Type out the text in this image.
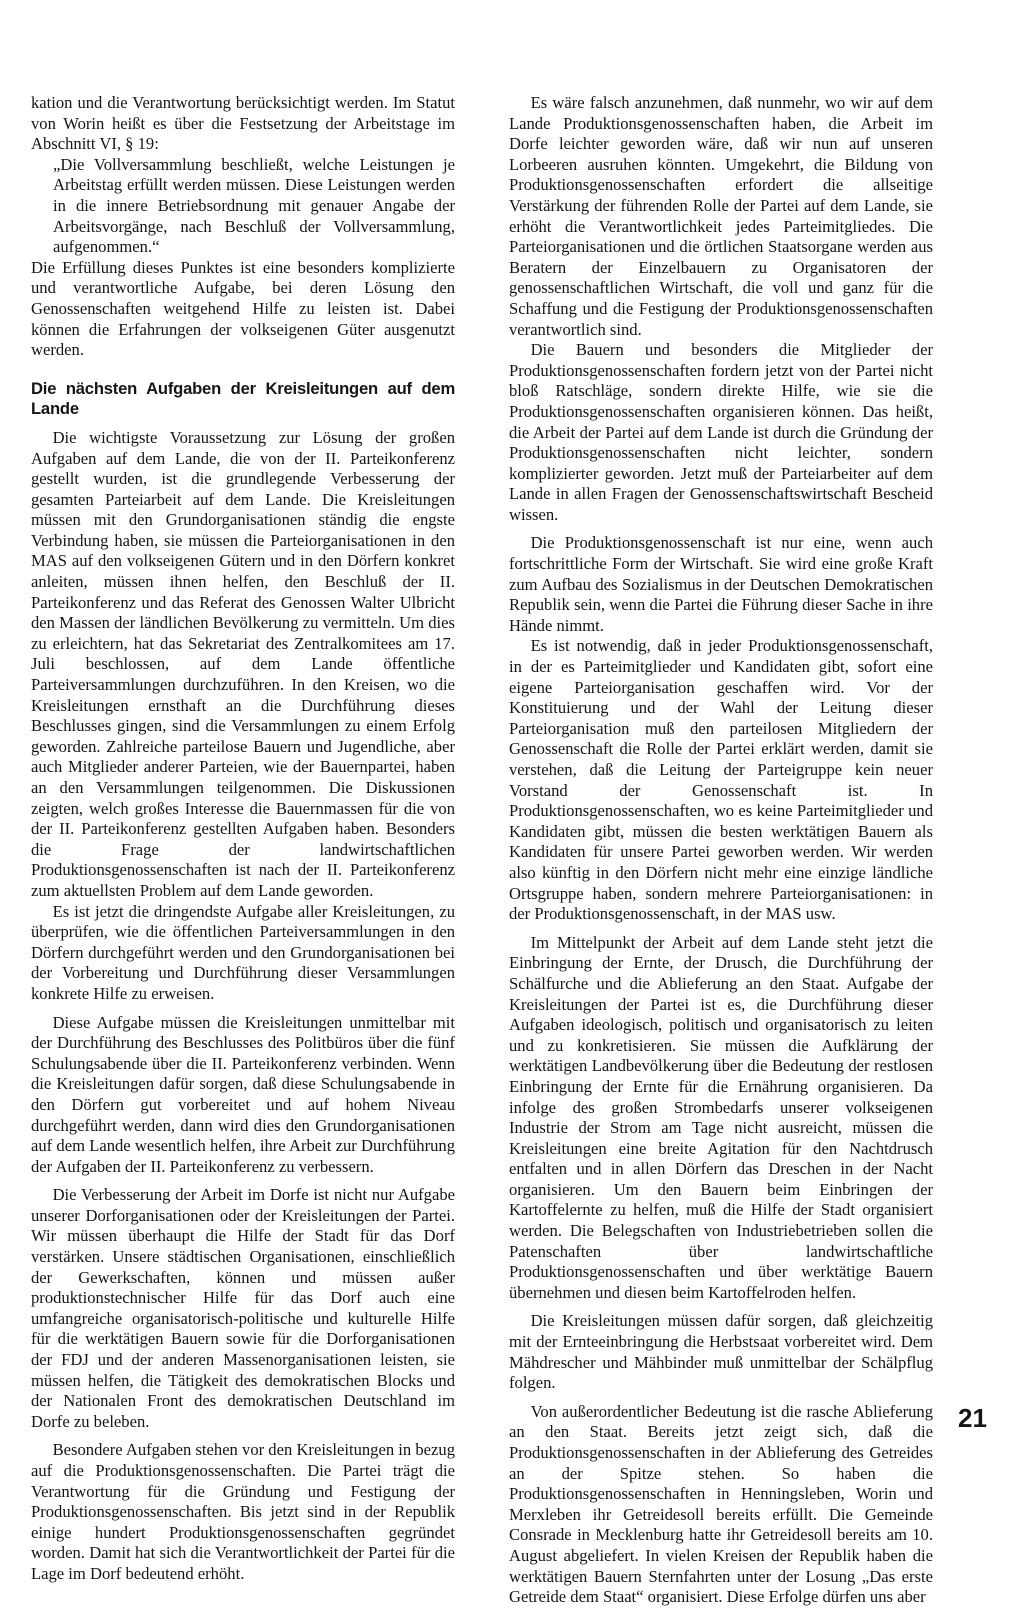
kation und die Verantwortung berücksichtigt werden. Im Statut von Worin heißt es über die Festsetzung der Arbeitstage im Abschnitt VI, § 19:

„Die Vollversammlung beschließt, welche Leistungen je Arbeitstag erfüllt werden müssen. Diese Leistungen werden in die innere Betriebsordnung mit genauer Angabe der Arbeitsvorgänge, nach Beschluß der Vollversammlung, aufgenommen.“

Die Erfüllung dieses Punktes ist eine besonders komplizierte und verantwortliche Aufgabe, bei deren Lösung den Genossenschaften weitgehend Hilfe zu leisten ist. Dabei können die Erfahrungen der volkseigenen Güter ausgenutzt werden.

Die nächsten Aufgaben der Kreisleitungen auf dem Lande

Die wichtigste Voraussetzung zur Lösung der großen Aufgaben auf dem Lande, die von der II. Parteikonferenz gestellt wurden, ist die grundlegende Verbesserung der gesamten Parteiarbeit auf dem Lande. Die Kreisleitungen müssen mit den Grundorganisationen ständig die engste Verbindung haben, sie müssen die Parteiorganisationen in den MAS auf den volkseigenen Gütern und in den Dörfern konkret anleiten, müssen ihnen helfen, den Beschluß der II. Parteikonferenz und das Referat des Genossen Walter Ulbricht den Massen der ländlichen Bevölkerung zu vermitteln. Um dies zu erleichtern, hat das Sekretariat des Zentralkomitees am 17. Juli beschlossen, auf dem Lande öffentliche Parteiversammlungen durchzuführen. In den Kreisen, wo die Kreisleitungen ernsthaft an die Durchführung dieses Beschlusses gingen, sind die Versammlungen zu einem Erfolg geworden. Zahlreiche parteilose Bauern und Jugendliche, aber auch Mitglieder anderer Parteien, wie der Bauernpartei, haben an den Versammlungen teilgenommen. Die Diskussionen zeigten, welch großes Interesse die Bauernmassen für die von der II. Parteikonferenz gestellten Aufgaben haben. Besonders die Frage der landwirtschaftlichen Produktionsgenossenschaften ist nach der II. Parteikonferenz zum aktuellsten Problem auf dem Lande geworden.

Es ist jetzt die dringendste Aufgabe aller Kreisleitungen, zu überprüfen, wie die öffentlichen Parteiversammlungen in den Dörfern durchgeführt werden und den Grundorganisationen bei der Vorbereitung und Durchführung dieser Versammlungen konkrete Hilfe zu erweisen.

Diese Aufgabe müssen die Kreisleitungen unmittelbar mit der Durchführung des Beschlusses des Politbüros über die fünf Schulungsabende über die II. Parteikonferenz verbinden. Wenn die Kreisleitungen dafür sorgen, daß diese Schulungsabende in den Dörfern gut vorbereitet und auf hohem Niveau durchgeführt werden, dann wird dies den Grundorganisationen auf dem Lande wesentlich helfen, ihre Arbeit zur Durchführung der Aufgaben der II. Parteikonferenz zu verbessern.

Die Verbesserung der Arbeit im Dorfe ist nicht nur Aufgabe unserer Dorforganisationen oder der Kreisleitungen der Partei. Wir müssen überhaupt die Hilfe der Stadt für das Dorf verstärken. Unsere städtischen Organisationen, einschließlich der Gewerkschaften, können und müssen außer produktionstechnischer Hilfe für das Dorf auch eine umfangreiche organisatorisch-politische und kulturelle Hilfe für die werktätigen Bauern sowie für die Dorforganisationen der FDJ und der anderen Massenorganisationen leisten, sie müssen helfen, die Tätigkeit des demokratischen Blocks und der Nationalen Front des demokratischen Deutschland im Dorfe zu beleben.

Besondere Aufgaben stehen vor den Kreisleitungen in bezug auf die Produktionsgenossenschaften. Die Partei trägt die Verantwortung für die Gründung und Festigung der Produktionsgenossenschaften. Bis jetzt sind in der Republik einige hundert Produktionsgenossenschaften gegründet worden. Damit hat sich die Verantwortlichkeit der Partei für die Lage im Dorf bedeutend erhöht.

Es wäre falsch anzunehmen, daß nunmehr, wo wir auf dem Lande Produktionsgenossenschaften haben, die Arbeit im Dorfe leichter geworden wäre, daß wir nun auf unseren Lorbeeren ausruhen könnten. Umgekehrt, die Bildung von Produktionsgenossenschaften erfordert die allseitige Verstärkung der führenden Rolle der Partei auf dem Lande, sie erhöht die Verantwortlichkeit jedes Parteimitgliedes. Die Parteiorganisationen und die örtlichen Staatsorgane werden aus Beratern der Einzelbauern zu Organisatoren der genossenschaftlichen Wirtschaft, die voll und ganz für die Schaffung und die Festigung der Produktionsgenossenschaften verantwortlich sind.

Die Bauern und besonders die Mitglieder der Produktionsgenossenschaften fordern jetzt von der Partei nicht bloß Ratschläge, sondern direkte Hilfe, wie sie die Produktionsgenossenschaften organisieren können. Das heißt, die Arbeit der Partei auf dem Lande ist durch die Gründung der Produktionsgenossenschaften nicht leichter, sondern komplizierter geworden. Jetzt muß der Parteiarbeiter auf dem Lande in allen Fragen der Genossenschaftswirtschaft Bescheid wissen.

Die Produktionsgenossenschaft ist nur eine, wenn auch fortschrittliche Form der Wirtschaft. Sie wird eine große Kraft zum Aufbau des Sozialismus in der Deutschen Demokratischen Republik sein, wenn die Partei die Führung dieser Sache in ihre Hände nimmt.

Es ist notwendig, daß in jeder Produktionsgenossenschaft, in der es Parteimitglieder und Kandidaten gibt, sofort eine eigene Parteiorganisation geschaffen wird. Vor der Konstituierung und der Wahl der Leitung dieser Parteiorganisation muß den parteilosen Mitgliedern der Genossenschaft die Rolle der Partei erklärt werden, damit sie verstehen, daß die Leitung der Parteigruppe kein neuer Vorstand der Genossenschaft ist. In Produktionsgenossenschaften, wo es keine Parteimitglieder und Kandidaten gibt, müssen die besten werktätigen Bauern als Kandidaten für unsere Partei geworben werden. Wir werden also künftig in den Dörfern nicht mehr eine einzige ländliche Ortsgruppe haben, sondern mehrere Parteiorganisationen: in der Produktionsgenossenschaft, in der MAS usw.

Im Mittelpunkt der Arbeit auf dem Lande steht jetzt die Einbringung der Ernte, der Drusch, die Durchführung der Schälfurche und die Ablieferung an den Staat. Aufgabe der Kreisleitungen der Partei ist es, die Durchführung dieser Aufgaben ideologisch, politisch und organisatorisch zu leiten und zu konkretisieren. Sie müssen die Aufklärung der werktätigen Landbevölkerung über die Bedeutung der restlosen Einbringung der Ernte für die Ernährung organisieren. Da infolge des großen Strombedarfs unserer volkseigenen Industrie der Strom am Tage nicht ausreicht, müssen die Kreisleitungen eine breite Agitation für den Nachtdrusch entfalten und in allen Dörfern das Dreschen in der Nacht organisieren. Um den Bauern beim Einbringen der Kartoffelernte zu helfen, muß die Hilfe der Stadt organisiert werden. Die Belegschaften von Industriebetrieben sollen die Patenschaften über landwirtschaftliche Produktionsgenossenschaften und über werktätige Bauern übernehmen und diesen beim Kartoffelroden helfen.

Die Kreisleitungen müssen dafür sorgen, daß gleichzeitig mit der Ernteeinbringung die Herbstsaat vorbereitet wird. Dem Mähdrescher und Mähbinder muß unmittelbar der Schälpflug folgen.

Von außerordentlicher Bedeutung ist die rasche Ablieferung an den Staat. Bereits jetzt zeigt sich, daß die Produktionsgenossenschaften in der Ablieferung des Getreides an der Spitze stehen. So haben die Produktionsgenossenschaften in Henningsleben, Worin und Merxleben ihr Getreidesoll bereits erfüllt. Die Gemeinde Consrade in Mecklenburg hatte ihr Getreidesoll bereits am 10. August abgeliefert. In vielen Kreisen der Republik haben die werktätigen Bauern Sternfahrten unter der Losung „Das erste Getreide dem Staat“ organisiert. Diese Erfolge dürfen uns aber

21
